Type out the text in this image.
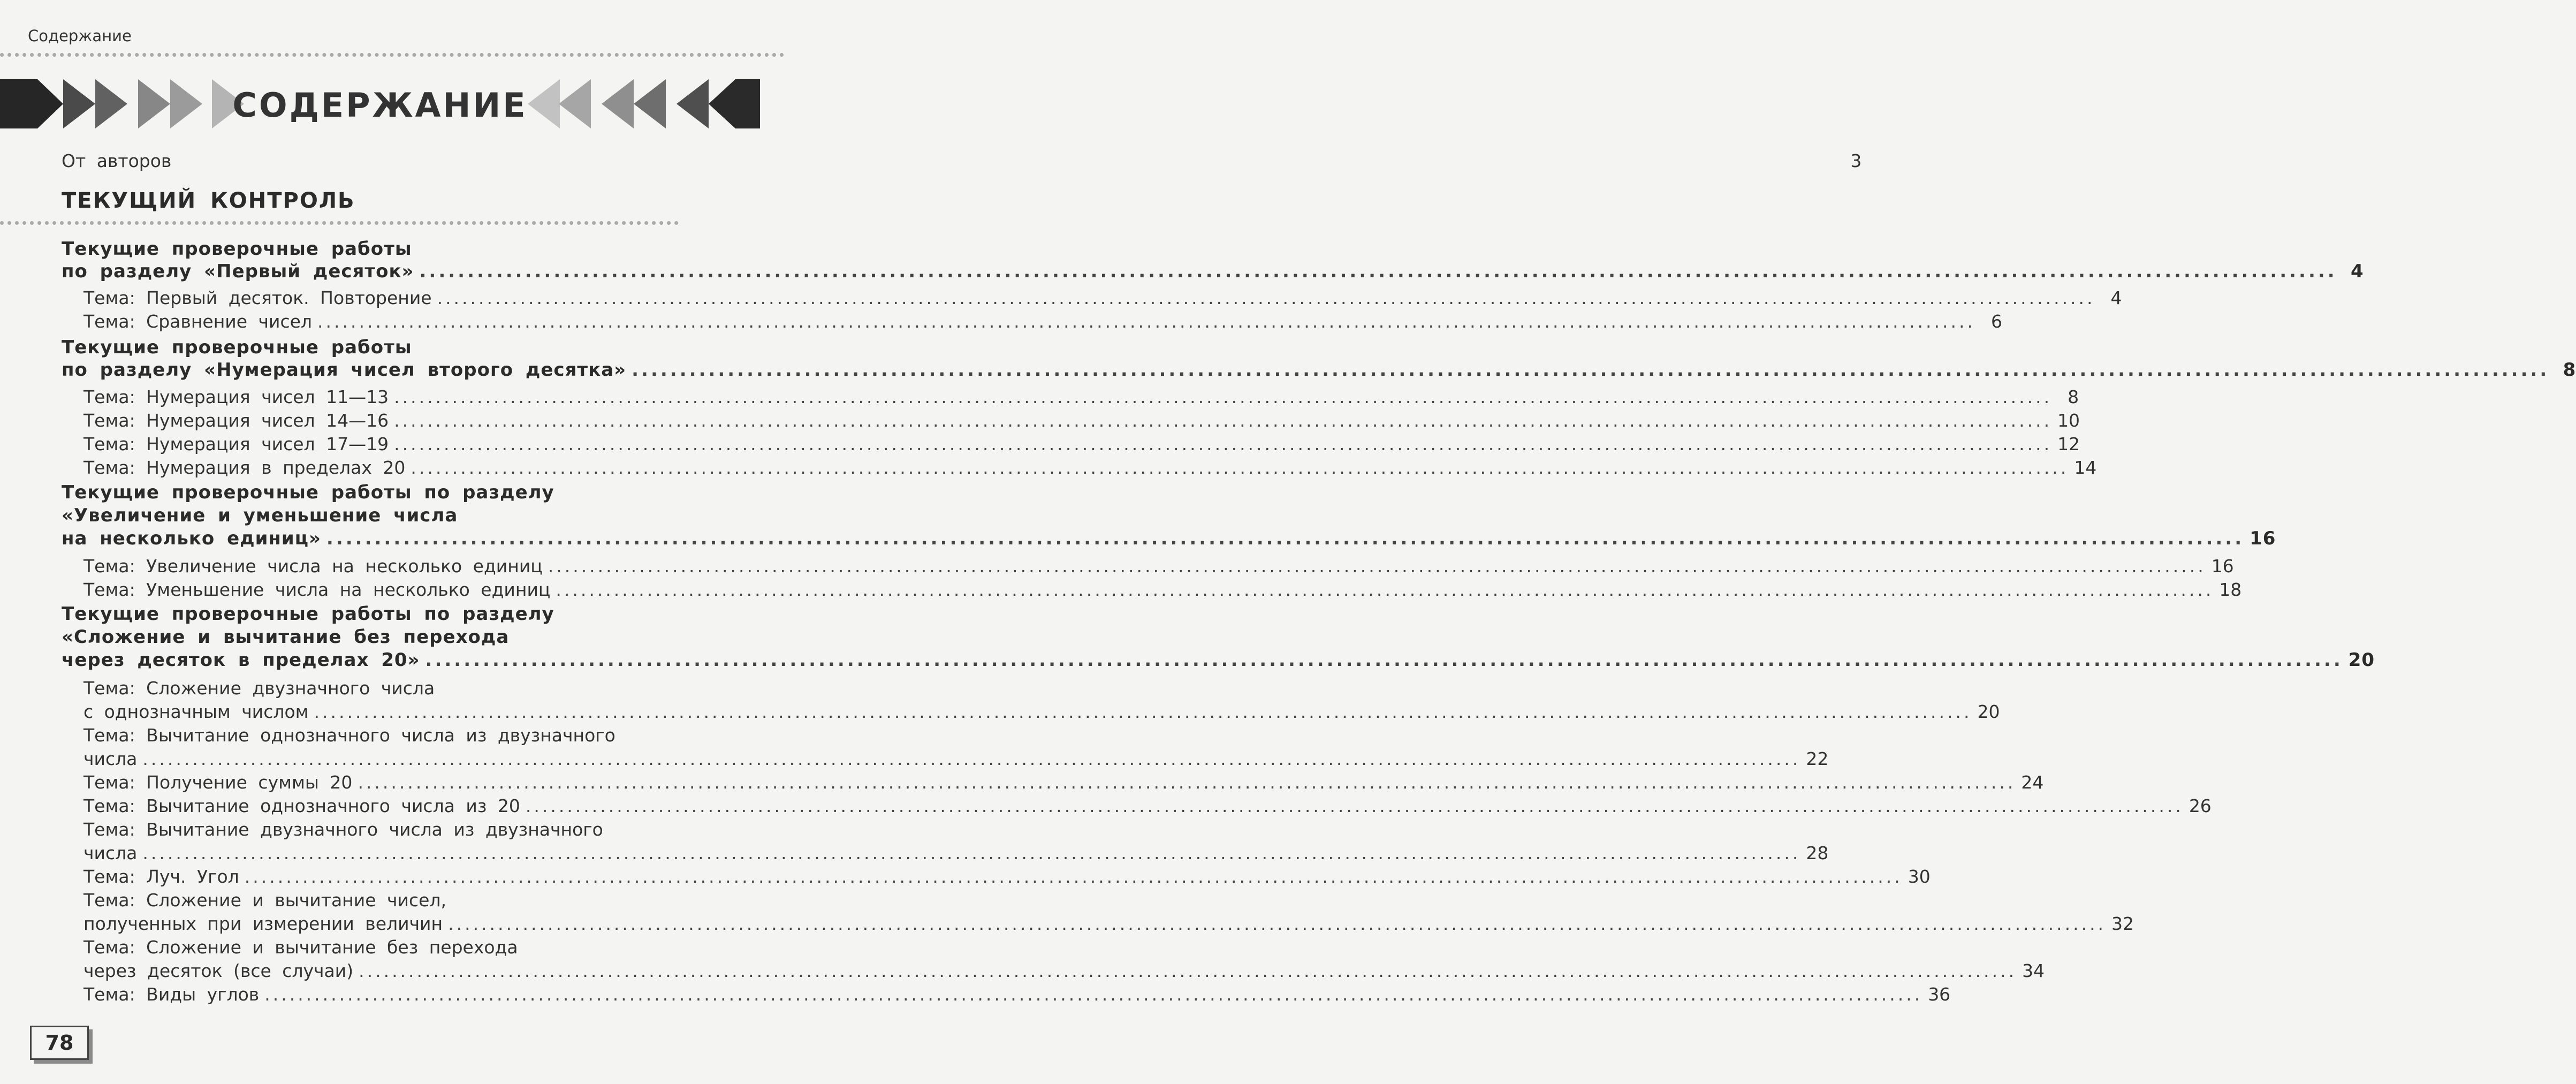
Содержание
СОДЕРЖАНИЕ
От авторов	3
ТЕКУЩИЙ КОНТРОЛЬ
Текущие проверочные работы
по разделу «Первый десяток» ........................................................................................................................................................................................................ 4
Тема: Первый десяток. Повторение ........................................................................................................................................................................................................ 4
Тема: Сравнение чисел ........................................................................................................................................................................................................ 6
Текущие проверочные работы
по разделу «Нумерация чисел второго десятка» ........................................................................................................................................................................................................ 8
Тема: Нумерация чисел 11—13 ........................................................................................................................................................................................................ 8
Тема: Нумерация чисел 14—16 ........................................................................................................................................................................................................ 10
Тема: Нумерация чисел 17—19 ........................................................................................................................................................................................................ 12
Тема: Нумерация в пределах 20 ........................................................................................................................................................................................................ 14
Текущие проверочные работы по разделу
«Увеличение и уменьшение числа
на несколько единиц» ........................................................................................................................................................................................................ 16
Тема: Увеличение числа на несколько единиц ........................................................................................................................................................................................................ 16
Тема: Уменьшение числа на несколько единиц ........................................................................................................................................................................................................ 18
Текущие проверочные работы по разделу
«Сложение и вычитание без перехода
через десяток в пределах 20» ........................................................................................................................................................................................................ 20
Тема: Сложение двузначного числа
с однозначным числом ........................................................................................................................................................................................................ 20
Тема: Вычитание однозначного числа из двузначного
числа ........................................................................................................................................................................................................ 22
Тема: Получение суммы 20 ........................................................................................................................................................................................................ 24
Тема: Вычитание однозначного числа из 20 ........................................................................................................................................................................................................ 26
Тема: Вычитание двузначного числа из двузначного
числа ........................................................................................................................................................................................................ 28
Тема: Луч. Угол ........................................................................................................................................................................................................ 30
Тема: Сложение и вычитание чисел,
полученных при измерении величин ........................................................................................................................................................................................................ 32
Тема: Сложение и вычитание без перехода
через десяток (все случаи) ........................................................................................................................................................................................................ 34
Тема: Виды углов ........................................................................................................................................................................................................ 36
78
